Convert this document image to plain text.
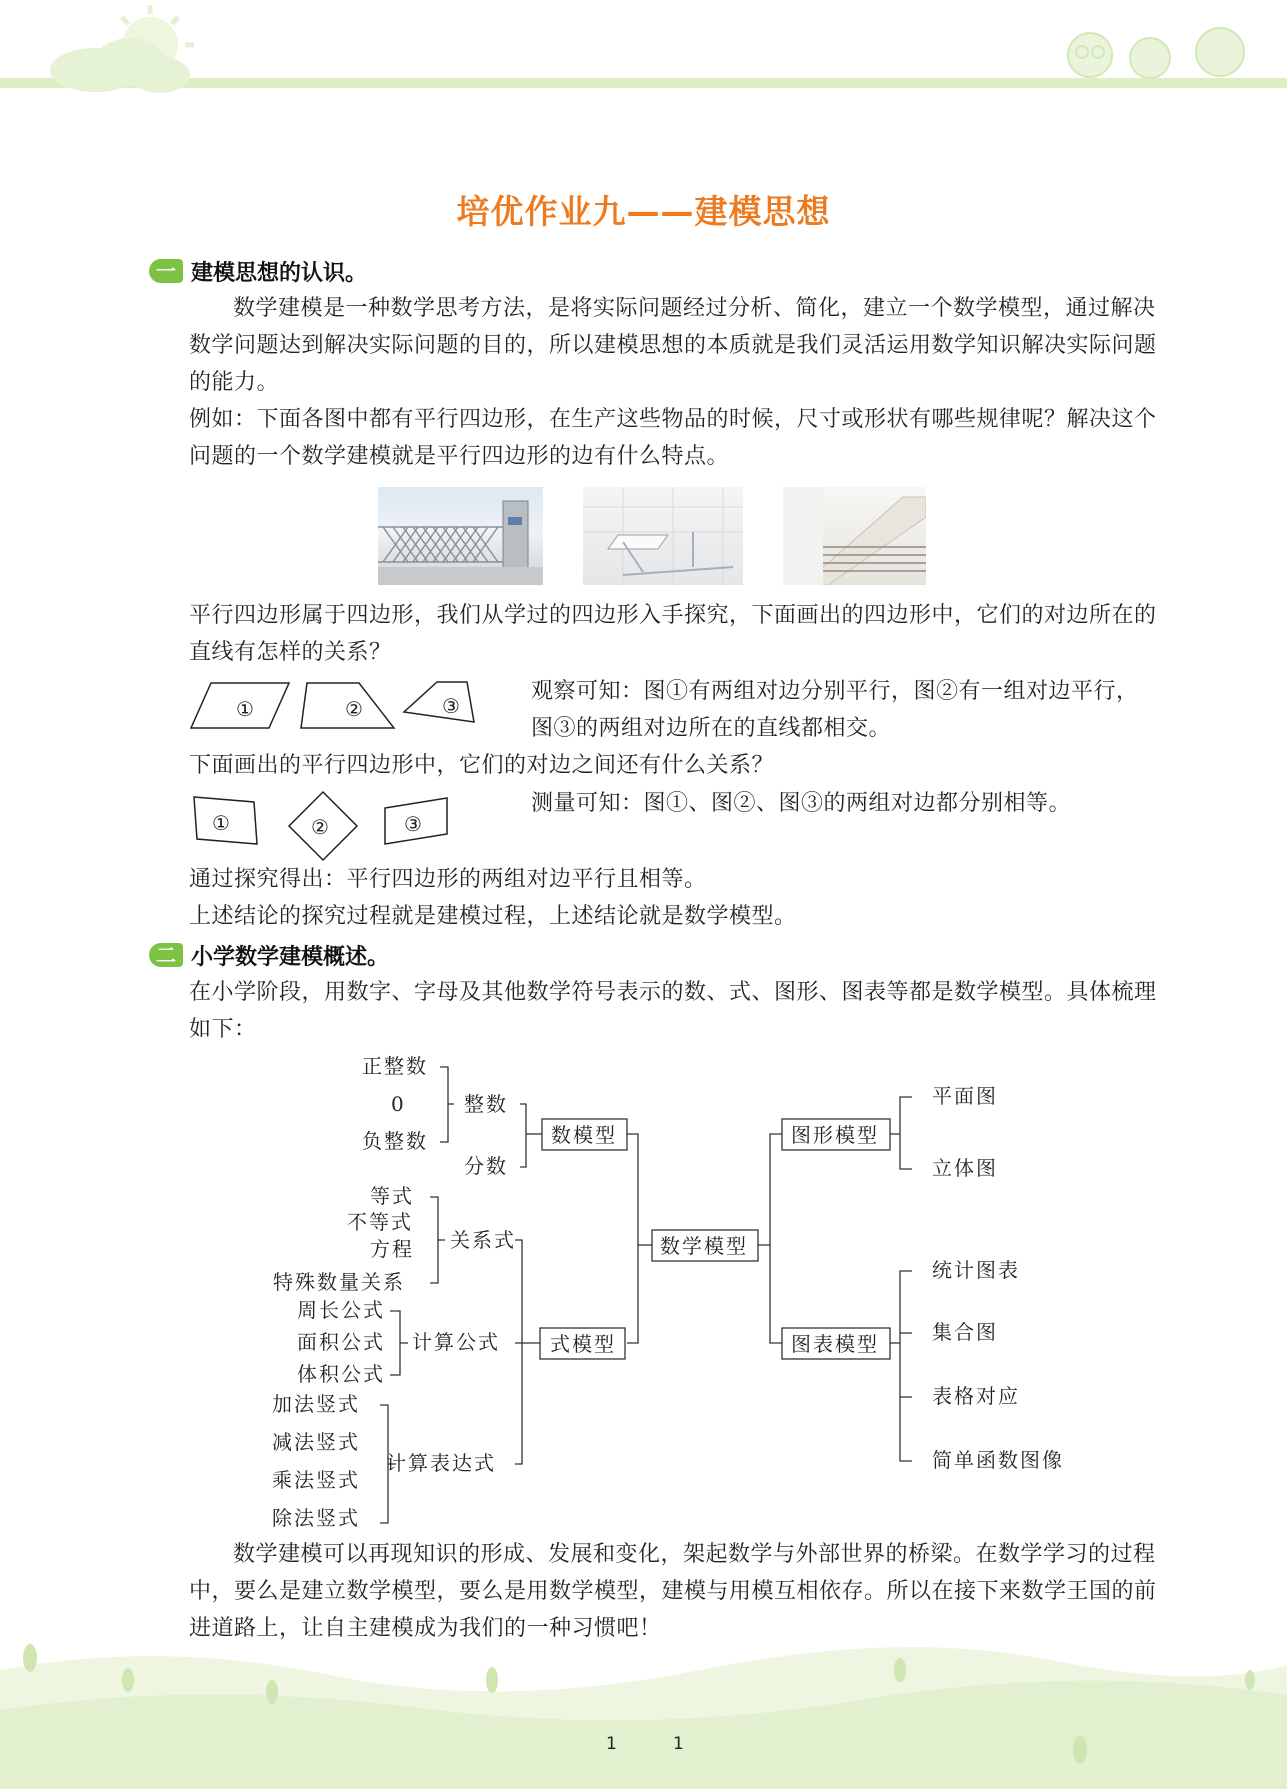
培优作业九——建模思想
一 建模思想的认识。
数学建模是一种数学思考方法，是将实际问题经过分析、简化，建立一个数学模型，通过解决数学问题达到解决实际问题的目的，所以建模思想的本质就是我们灵活运用数学知识解决实际问题的能力。
例如：下面各图中都有平行四边形，在生产这些物品的时候，尺寸或形状有哪些规律呢？解决这个问题的一个数学建模就是平行四边形的边有什么特点。
平行四边形属于四边形，我们从学过的四边形入手探究，下面画出的四边形中，它们的对边所在的直线有怎样的关系？
①	②	③
观察可知：图①有两组对边分别平行，图②有一组对边平行，图③的两组对边所在的直线都相交。
下面画出的平行四边形中，它们的对边之间还有什么关系？
①	②	③
测量可知：图①、图②、图③的两组对边都分别相等。
通过探究得出：平行四边形的两组对边平行且相等。
上述结论的探究过程就是建模过程，上述结论就是数学模型。
二 小学数学建模概述。
在小学阶段，用数字、字母及其他数学符号表示的数、式、图形、图表等都是数学模型。具体梳理如下：
正整数
0
负整数
整数
分数
数模型
等式
不等式
方程
特殊数量关系
关系式
周长公式
面积公式
体积公式
计算公式
加法竖式
减法竖式
乘法竖式
除法竖式
计算表达式
式模型
数学模型
图形模型
图表模型
平面图
立体图
统计图表
集合图
表格对应
简单函数图像
数学建模可以再现知识的形成、发展和变化，架起数学与外部世界的桥梁。在数学学习的过程中，要么是建立数学模型，要么是用数学模型，建模与用模互相依存。所以在接下来数学王国的前进道路上，让自主建模成为我们的一种习惯吧！
1	1
